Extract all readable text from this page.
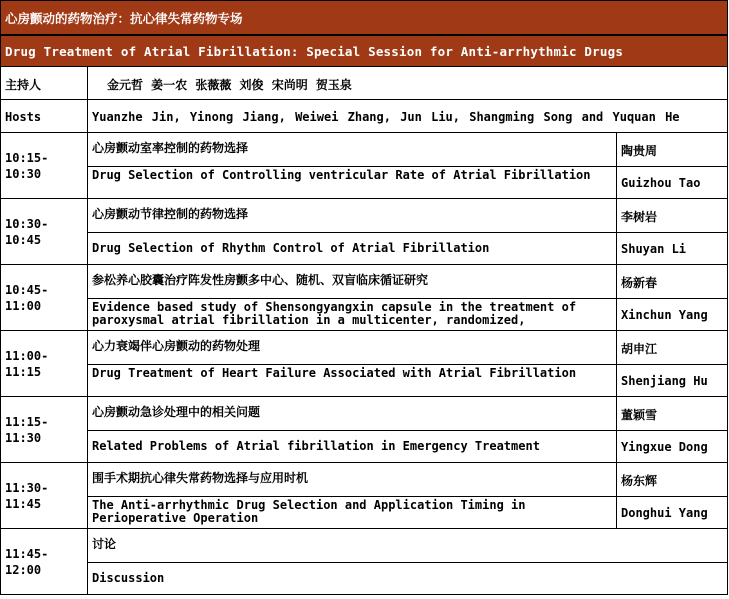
心房颤动的药物治疗：抗心律失常药物专场
Drug Treatment of Atrial Fibrillation: Special Session for Anti-arrhythmic Drugs
主持人	金元哲 姜一农 张薇薇 刘俊 宋尚明 贺玉泉
Hosts	Yuanzhe Jin, Yinong Jiang, Weiwei Zhang, Jun Liu, Shangming Song and Yuquan He
10:15-
10:30
心房颤动室率控制的药物选择
Drug Selection of Controlling ventricular Rate of Atrial Fibrillation
陶贵周
Guizhou Tao
10:30-
10:45
心房颤动节律控制的药物选择
Drug Selection of Rhythm Control of Atrial Fibrillation
李树岩
Shuyan Li
10:45-
11:00
参松养心胶囊治疗阵发性房颤多中心、随机、双盲临床循证研究
Evidence based study of Shensongyangxin capsule in the treatment of paroxysmal atrial fibrillation in a multicenter, randomized,
杨新春
Xinchun Yang
11:00-
11:15
心力衰竭伴心房颤动的药物处理
Drug Treatment of Heart Failure Associated with Atrial Fibrillation
胡申江
Shenjiang Hu
11:15-
11:30
心房颤动急诊处理中的相关问题
Related Problems of Atrial fibrillation in Emergency Treatment
董颖雪
Yingxue Dong
11:30-
11:45
围手术期抗心律失常药物选择与应用时机
The Anti-arrhythmic Drug Selection and Application Timing in Perioperative Operation
杨东辉
Donghui Yang
11:45-
12:00
讨论
Discussion
